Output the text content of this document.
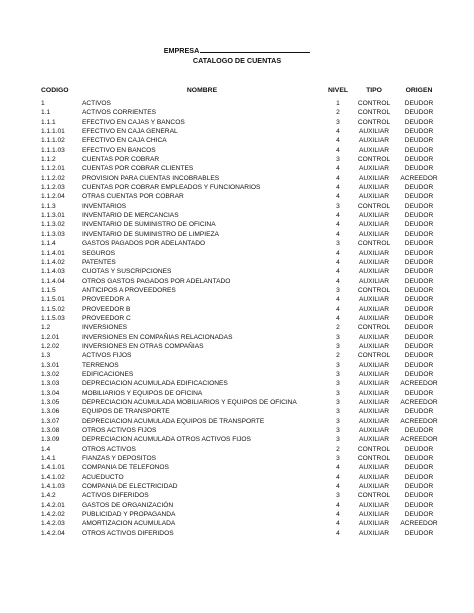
EMPRESA
CATALOGO DE CUENTAS
CODIGO	NOMBRE	NIVEL	TIPO	ORIGEN
1	ACTIVOS	1	CONTROL	DEUDOR
1.1	ACTIVOS CORRIENTES	2	CONTROL	DEUDOR
1.1.1	EFECTIVO EN CAJAS Y BANCOS	3	CONTROL	DEUDOR
1.1.1.01	EFECTIVO EN CAJA GENERAL	4	AUXILIAR	DEUDOR
1.1.1.02	EFECTIVO EN CAJA CHICA	4	AUXILIAR	DEUDOR
1.1.1.03	EFECTIVO EN BANCOS	4	AUXILIAR	DEUDOR
1.1.2	CUENTAS POR COBRAR	3	CONTROL	DEUDOR
1.1.2.01	CUENTAS POR COBRAR CLIENTES	4	AUXILIAR	DEUDOR
1.1.2.02	PROVISION PARA CUENTAS INCOBRABLES	4	AUXILIAR	ACREEDOR
1.1.2.03	CUENTAS POR COBRAR EMPLEADOS Y FUNCIONARIOS	4	AUXILIAR	DEUDOR
1.1.2.04	OTRAS CUENTAS POR COBRAR	4	AUXILIAR	DEUDOR
1.1.3	INVENTARIOS	3	CONTROL	DEUDOR
1.1.3.01	INVENTARIO DE MERCANCIAS	4	AUXILIAR	DEUDOR
1.1.3.02	INVENTARIO DE SUMINISTRO DE OFICINA	4	AUXILIAR	DEUDOR
1.1.3.03	INVENTARIO DE SUMINISTRO DE LIMPIEZA	4	AUXILIAR	DEUDOR
1.1.4	GASTOS PAGADOS POR ADELANTADO	3	CONTROL	DEUDOR
1.1.4.01	SEGUROS	4	AUXILIAR	DEUDOR
1.1.4.02	PATENTES	4	AUXILIAR	DEUDOR
1.1.4.03	CUOTAS Y SUSCRIPCIONES	4	AUXILIAR	DEUDOR
1.1.4.04	OTROS GASTOS PAGADOS POR ADELANTADO	4	AUXILIAR	DEUDOR
1.1.5	ANTICIPOS A PROVEEDORES	3	CONTROL	DEUDOR
1.1.5.01	PROVEEDOR A	4	AUXILIAR	DEUDOR
1.1.5.02	PROVEEDOR B	4	AUXILIAR	DEUDOR
1.1.5.03	PROVEEDOR C	4	AUXILIAR	DEUDOR
1.2	INVERSIONES	2	CONTROL	DEUDOR
1.2.01	INVERSIONES EN COMPAÑIAS RELACIONADAS	3	AUXILIAR	DEUDOR
1.2.02	INVERSIONES EN OTRAS COMPAÑIAS	3	AUXILIAR	DEUDOR
1.3	ACTIVOS FIJOS	2	CONTROL	DEUDOR
1.3.01	TERRENOS	3	AUXILIAR	DEUDOR
1.3.02	EDIFICACIONES	3	AUXILIAR	DEUDOR
1.3.03	DEPRECIACION ACUMULADA EDIFICACIONES	3	AUXILIAR	ACREEDOR
1.3.04	MOBILIARIOS Y EQUIPOS DE OFICINA	3	AUXILIAR	DEUDOR
1.3.05	DEPRECIACION ACUMULADA MOBILIARIOS Y EQUIPOS DE OFICINA	3	AUXILIAR	ACREEDOR
1.3.06	EQUIPOS DE TRANSPORTE	3	AUXILIAR	DEUDOR
1.3.07	DEPRECIACION ACUMULADA EQUIPOS DE TRANSPORTE	3	AUXILIAR	ACREEDOR
1.3.08	OTROS ACTIVOS FIJOS	3	AUXILIAR	DEUDOR
1.3.09	DEPRECIACION ACUMULADA OTROS ACTIVOS FIJOS	3	AUXILIAR	ACREEDOR
1.4	OTROS ACTIVOS	2	CONTROL	DEUDOR
1.4.1	FIANZAS Y DEPOSITOS	3	CONTROL	DEUDOR
1.4.1.01	COMPANIA DE TELEFONOS	4	AUXILIAR	DEUDOR
1.4.1.02	ACUEDUCTO	4	AUXILIAR	DEUDOR
1.4.1.03	COMPANIA DE ELECTRICIDAD	4	AUXILIAR	DEUDOR
1.4.2	ACTIVOS DIFERIDOS	3	CONTROL	DEUDOR
1.4.2.01	GASTOS DE ORGANIZACIÓN	4	AUXILIAR	DEUDOR
1.4.2.02	PUBLICIDAD Y PROPAGANDA	4	AUXILIAR	DEUDOR
1.4.2.03	AMORTIZACION ACUMULADA	4	AUXILIAR	ACREEDOR
1.4.2.04	OTROS ACTIVOS DIFERIDOS	4	AUXILIAR	DEUDOR
